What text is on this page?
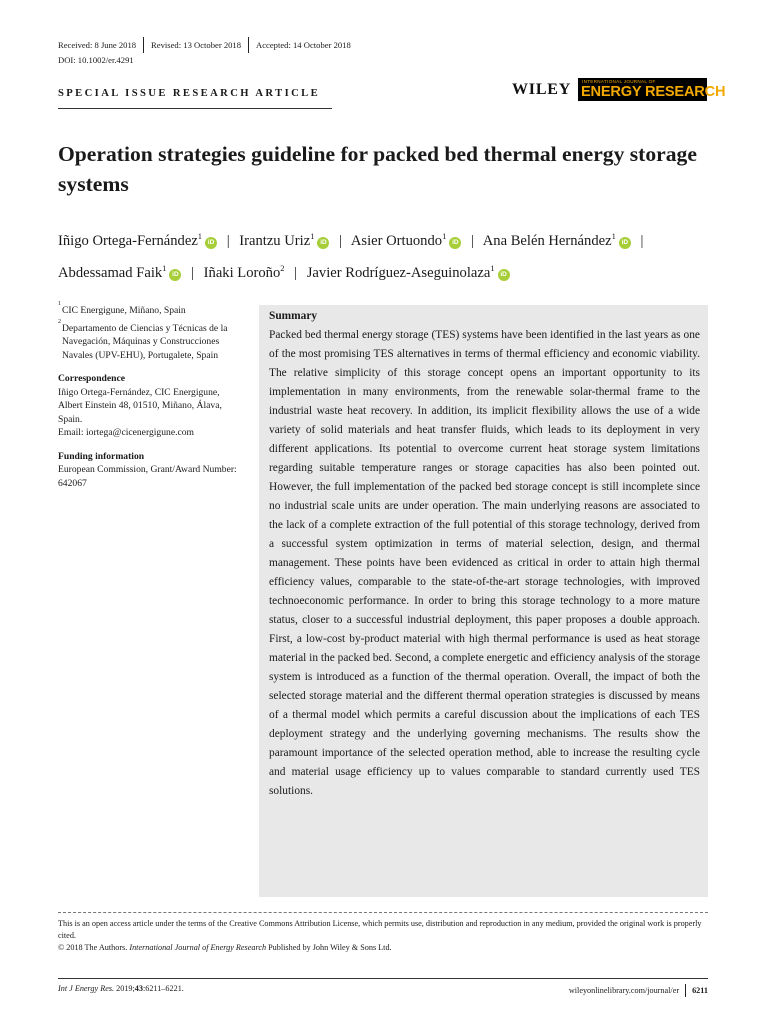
Received: 8 June 2018 Revised: 13 October 2018 Accepted: 14 October 2018
DOI: 10.1002/er.4291
SPECIAL ISSUE RESEARCH ARTICLE	WILEY INTERNATIONAL JOURNAL OF
ENERGY RESEARCH
Operation strategies guideline for packed bed thermal energy storage systems
Iñigo Ortega-Fernández$^1$iD | Irantzu Uriz$^1$iD | Asier Ortuondo$^1$iD | Ana Belén Hernández$^1$iD | Abdessamad Faik$^1$iD | Iñaki Loroño$^2$ | Javier Rodríguez-Aseguinolaza$^1$iD
1
CIC Energigune, Miñano, Spain
2
Departamento de Ciencias y Técnicas de la Navegación, Máquinas y Construcciones Navales (UPV-EHU), Portugalete, Spain
Correspondence

Iñigo Ortega-Fernández, CIC Energigune,

Albert Einstein 48, 01510, Miñano, Álava,

Spain.

Email: iortega@cicenergigune.com

Funding information

European Commission, Grant/Award Number: 642067

Summary

Packed bed thermal energy storage (TES) systems have been identified in the last years as one of the most promising TES alternatives in terms of thermal efficiency and economic viability. The relative simplicity of this storage concept opens an important opportunity to its implementation in many environments, from the renewable solar-thermal frame to the industrial waste heat recovery. In addition, its implicit flexibility allows the use of a wide variety of solid materials and heat transfer fluids, which leads to its deployment in very different applications. Its potential to overcome current heat storage system limitations regarding suitable temperature ranges or storage capacities has also been pointed out. However, the full implementation of the packed bed storage concept is still incomplete since no industrial scale units are under operation. The main underlying reasons are associated to the lack of a complete extraction of the full potential of this storage technology, derived from a successful system optimization in terms of material selection, design, and thermal management. These points have been evidenced as critical in order to attain high thermal efficiency values, comparable to the state-of-the-art storage technologies, with improved technoeconomic performance. In order to bring this storage technology to a more mature status, closer to a successful industrial deployment, this paper proposes a double approach. First, a low-cost by-product material with high thermal performance is used as heat storage material in the packed bed. Second, a complete energetic and efficiency analysis of the storage system is introduced as a function of the thermal operation. Overall, the impact of both the selected storage material and the different thermal operation strategies is discussed by means of a thermal model which permits a careful discussion about the implications of each TES deployment strategy and the underlying governing mechanisms. The results show the paramount importance of the selected operation method, able to increase the resulting cycle and material usage efficiency up to values comparable to standard currently used TES solutions.

This is an open access article under the terms of the Creative Commons Attribution License, which permits use, distribution and reproduction in any medium, provided the original work is properly cited.

© 2018 The Authors. International Journal of Energy Research Published by John Wiley & Sons Ltd.

Int J Energy Res. 2019;43:6211–6221.	wileyonlinelibrary.com/journal/er 6211
